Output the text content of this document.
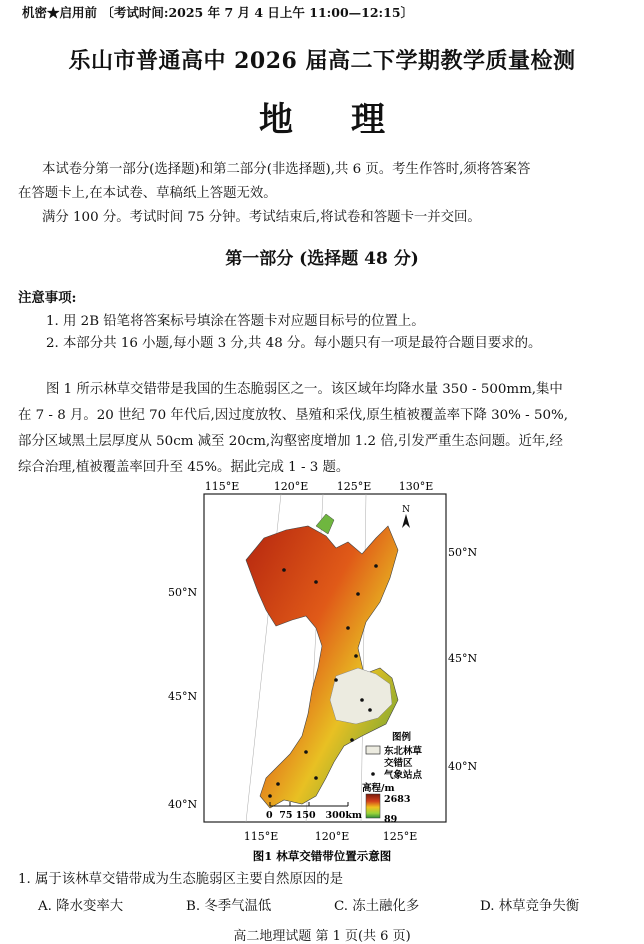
机密★启用前 〔考试时间:2025 年 7 月 4 日上午 11:00—12:15〕
乐山市普通高中 2026 届高二下学期教学质量检测
地理
本试卷分第一部分(选择题)和第二部分(非选择题),共 6 页。考生作答时,须将答案答
在答题卡上,在本试卷、草稿纸上答题无效。
满分 100 分。考试时间 75 分钟。考试结束后,将试卷和答题卡一并交回。
第一部分 (选择题 48 分)
注意事项:
1. 用 2B 铅笔将答案标号填涂在答题卡对应题目标号的位置上。
2. 本部分共 16 小题,每小题 3 分,共 48 分。每小题只有一项是最符合题目要求的。
图 1 所示林草交错带是我国的生态脆弱区之一。该区域年均降水量 350 - 500mm,集中
在 7 - 8 月。20 世纪 70 年代后,因过度放牧、垦殖和采伐,原生植被覆盖率下降 30% - 50%,
部分区域黑土层厚度从 50cm 减至 20cm,沟壑密度增加 1.2 倍,引发严重生态问题。近年,经
综合治理,植被覆盖率回升至 45%。据此完成 1 - 3 题。
N
115°E	120°E	125°E 130°E
115°E	120°E	125°E
50°N
45°N
40°N
50°N
45°N
40°N
图例
东北林草
交错区
气象站点
高程/m
2683
89
0  75 150   300km
图1 林草交错带位置示意图
1. 属于该林草交错带成为生态脆弱区主要自然原因的是
A. 降水变率大	B. 冬季气温低	C. 冻土融化多	D. 林草竞争失衡
高二地理试题 第 1 页(共 6 页)
